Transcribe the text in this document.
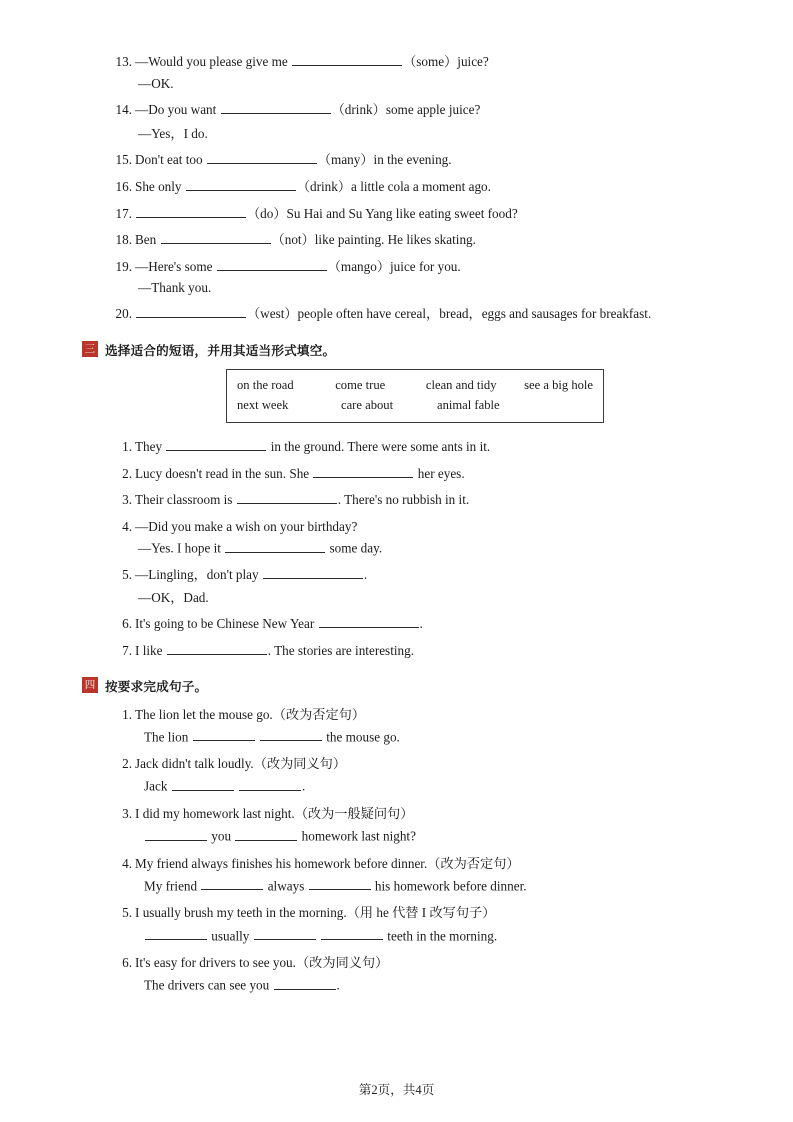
13. —Would you please give me	（some）juice?
—OK.
14. —Do you want	（drink）some apple juice?
—Yes，I do.
15. Don't eat too	（many）in the evening.
16. She only	（drink）a little cola a moment ago.
17.	（do）Su Hai and Su Yang like eating sweet food?
18. Ben	（not）like painting. He likes skating.
19. —Here's some	（mango）juice for you.
—Thank you.
20.	（west）people often have cereal，bread，eggs and sausages for breakfast.
三 选择适合的短语，并用其适当形式填空。
on the road	come true	clean and tidy	see a big hole
next week	care about	animal fable
1. They	in the ground. There were some ants in it.
2. Lucy doesn't read in the sun. She	her eyes.
3. Their classroom is	. There's no rubbish in it.
4. —Did you make a wish on your birthday?
—Yes. I hope it	some day.
5. —Lingling，don't play	.
—OK，Dad.
6. It's going to be Chinese New Year	.
7. I like	. The stories are interesting.
四 按要求完成句子。
1. The lion let the mouse go.（改为否定句）
The lion	the mouse go.
2. Jack didn't talk loudly.（改为同义句）
Jack	.
3. I did my homework last night.（改为一般疑问句）
you	homework last night?
4. My friend always finishes his homework before dinner.（改为否定句）
My friend	always	his homework before dinner.
5. I usually brush my teeth in the morning.（用 he 代替 I 改写句子）
usually	teeth in the morning.
6. It's easy for drivers to see you.（改为同义句）
The drivers can see you	.
第2页，共4页
